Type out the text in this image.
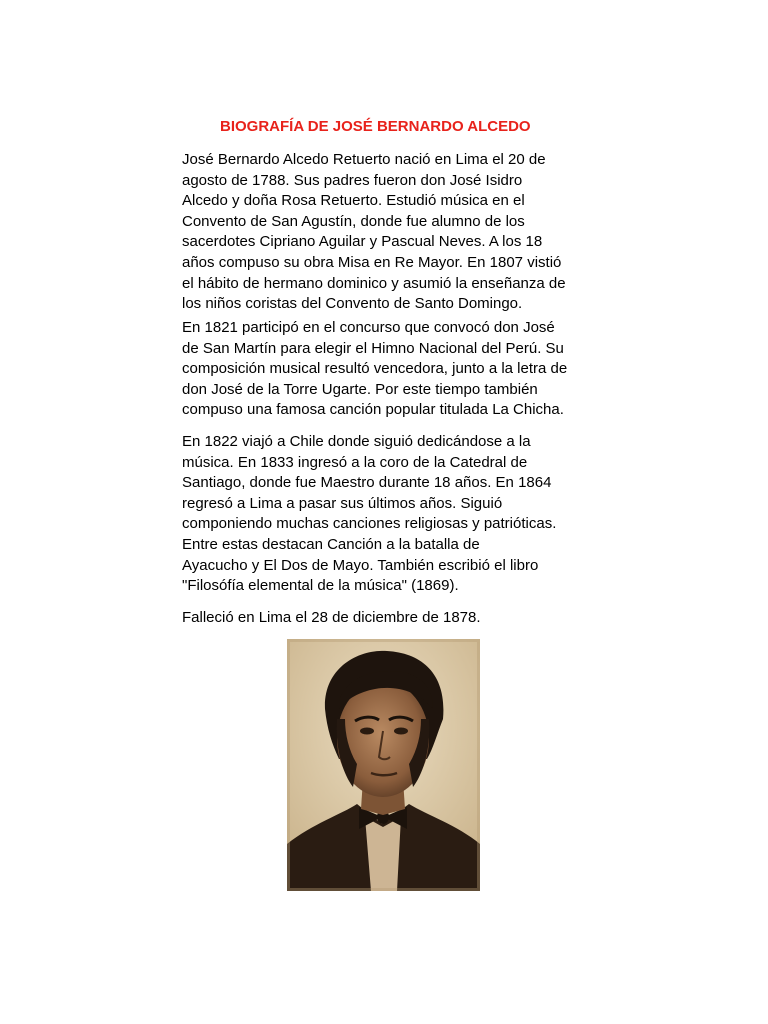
BIOGRAFÍA DE JOSÉ BERNARDO ALCEDO

José Bernardo Alcedo Retuerto nació en Lima el 20 de
agosto de 1788. Sus padres fueron don José Isidro
Alcedo y doña Rosa Retuerto. Estudió música en el
Convento de San Agustín, donde fue alumno de los
sacerdotes Cipriano Aguilar y Pascual Neves. A los 18
años compuso su obra Misa en Re Mayor. En 1807 vistió
el hábito de hermano dominico y asumió la enseñanza de
los niños coristas del Convento de Santo Domingo.

En 1821 participó en el concurso que convocó don José
de San Martín para elegir el Himno Nacional del Perú. Su
composición musical resultó vencedora, junto a la letra de
don José de la Torre Ugarte. Por este tiempo también
compuso una famosa canción popular titulada La Chicha.

En 1822 viajó a Chile donde siguió dedicándose a la
música. En 1833 ingresó a la coro de la Catedral de
Santiago, donde fue Maestro durante 18 años. En 1864
regresó a Lima a pasar sus últimos años. Siguió
componiendo muchas canciones religiosas y patrióticas.
Entre estas destacan Canción a la batalla de
Ayacucho y El Dos de Mayo. También escribió el libro
"Filosófía elemental de la música" (1869).

Falleció en Lima el 28 de diciembre de 1878.
